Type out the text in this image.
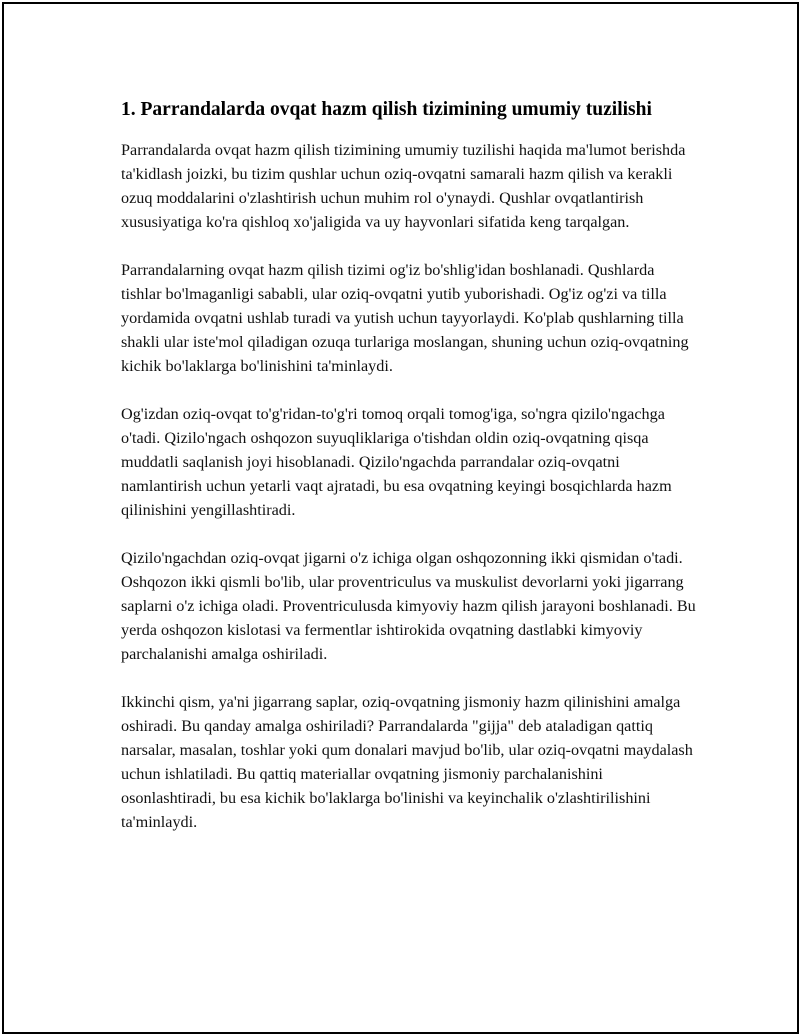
1. Parrandalarda ovqat hazm qilish tizimining umumiy tuzilishi

Parrandalarda ovqat hazm qilish tizimining umumiy tuzilishi haqida ma'lumot berishda ta'kidlash joizki, bu tizim qushlar uchun oziq-ovqatni samarali hazm qilish va kerakli ozuq moddalarini o'zlashtirish uchun muhim rol o'ynaydi. Qushlar ovqatlantirish xususiyatiga ko'ra qishloq xo'jaligida va uy hayvonlari sifatida keng tarqalgan.

Parrandalarning ovqat hazm qilish tizimi og'iz bo'shlig'idan boshlanadi. Qushlarda tishlar bo'lmaganligi sababli, ular oziq-ovqatni yutib yuborishadi. Og'iz og'zi va tilla yordamida ovqatni ushlab turadi va yutish uchun tayyorlaydi. Ko'plab qushlarning tilla shakli ular iste'mol qiladigan ozuqa turlariga moslangan, shuning uchun oziq-ovqatning kichik bo'laklarga bo'linishini ta'minlaydi.

Og'izdan oziq-ovqat to'g'ridan-to'g'ri tomoq orqali tomog'iga, so'ngra qizilo'ngachga o'tadi. Qizilo'ngach oshqozon suyuqliklariga o'tishdan oldin oziq-ovqatning qisqa muddatli saqlanish joyi hisoblanadi. Qizilo'ngachda parrandalar oziq-ovqatni namlantirish uchun yetarli vaqt ajratadi, bu esa ovqatning keyingi bosqichlarda hazm qilinishini yengillashtiradi.

Qizilo'ngachdan oziq-ovqat jigarni o'z ichiga olgan oshqozonning ikki qismidan o'tadi. Oshqozon ikki qismli bo'lib, ular proventriculus va muskulist devorlarni yoki jigarrang saplarni o'z ichiga oladi. Proventriculusda kimyoviy hazm qilish jarayoni boshlanadi. Bu yerda oshqozon kislotasi va fermentlar ishtirokida ovqatning dastlabki kimyoviy parchalanishi amalga oshiriladi.

Ikkinchi qism, ya'ni jigarrang saplar, oziq-ovqatning jismoniy hazm qilinishini amalga oshiradi. Bu qanday amalga oshiriladi? Parrandalarda "gijja" deb ataladigan qattiq narsalar, masalan, toshlar yoki qum donalari mavjud bo'lib, ular oziq-ovqatni maydalash uchun ishlatiladi. Bu qattiq materiallar ovqatning jismoniy parchalanishini osonlashtiradi, bu esa kichik bo'laklarga bo'linishi va keyinchalik o'zlashtirilishini ta'minlaydi.
